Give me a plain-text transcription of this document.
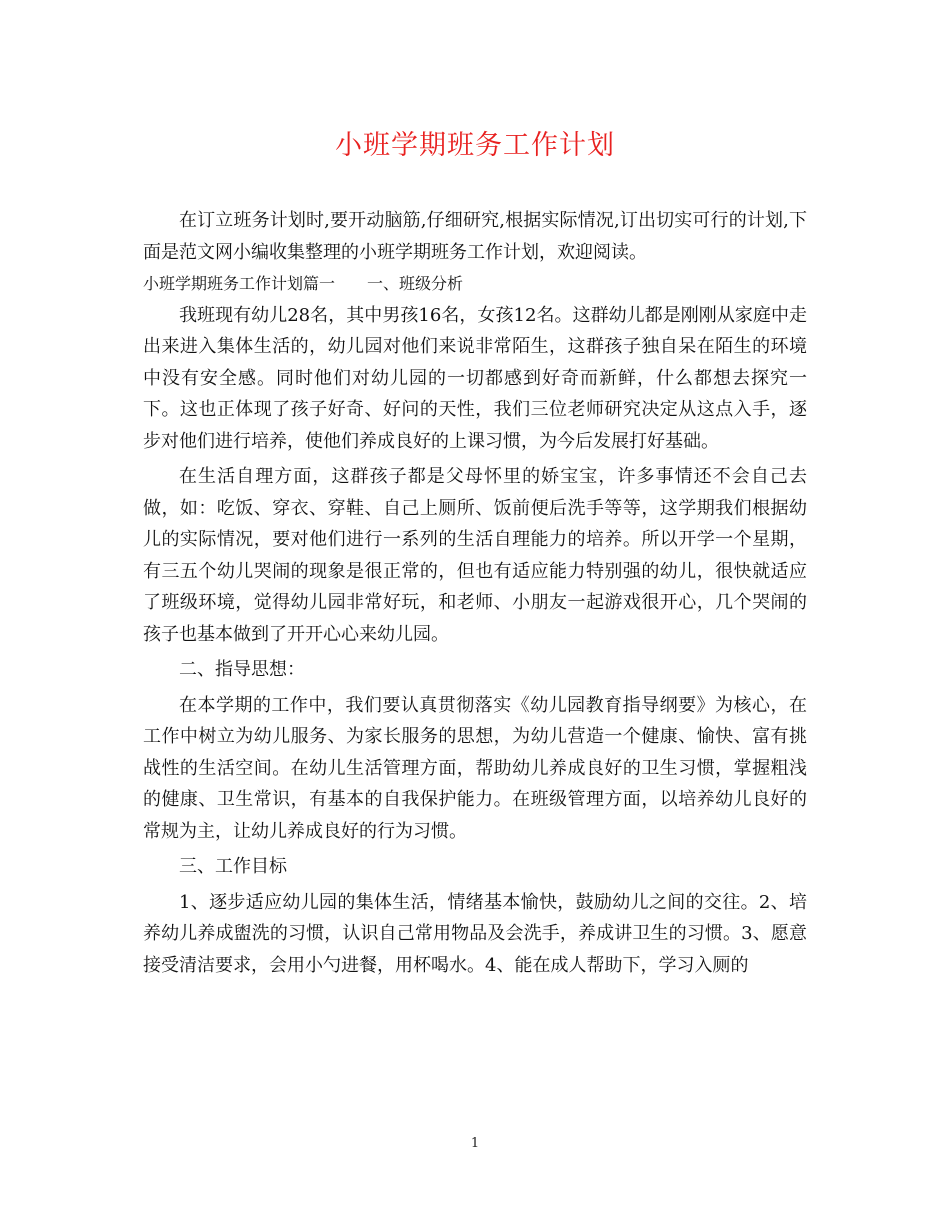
小班学期班务工作计划

在订立班务计划时,要开动脑筋,仔细研究,根据实际情况,订出切实可行的计划,下面是范文网小编收集整理的小班学期班务工作计划，欢迎阅读。

小班学期班务工作计划篇一　　一、班级分析

我班现有幼儿28名，其中男孩16名，女孩12名。这群幼儿都是刚刚从家庭中走出来进入集体生活的，幼儿园对他们来说非常陌生，这群孩子独自呆在陌生的环境中没有安全感。同时他们对幼儿园的一切都感到好奇而新鲜，什么都想去探究一下。这也正体现了孩子好奇、好问的天性，我们三位老师研究决定从这点入手，逐步对他们进行培养，使他们养成良好的上课习惯，为今后发展打好基础。

在生活自理方面，这群孩子都是父母怀里的娇宝宝，许多事情还不会自己去做，如：吃饭、穿衣、穿鞋、自己上厕所、饭前便后洗手等等，这学期我们根据幼儿的实际情况，要对他们进行一系列的生活自理能力的培养。所以开学一个星期，有三五个幼儿哭闹的现象是很正常的，但也有适应能力特别强的幼儿，很快就适应了班级环境，觉得幼儿园非常好玩，和老师、小朋友一起游戏很开心，几个哭闹的孩子也基本做到了开开心心来幼儿园。

二、指导思想：

在本学期的工作中，我们要认真贯彻落实《幼儿园教育指导纲要》为核心，在工作中树立为幼儿服务、为家长服务的思想，为幼儿营造一个健康、愉快、富有挑战性的生活空间。在幼儿生活管理方面，帮助幼儿养成良好的卫生习惯，掌握粗浅的健康、卫生常识，有基本的自我保护能力。在班级管理方面，以培养幼儿良好的常规为主，让幼儿养成良好的行为习惯。

三、工作目标

1、逐步适应幼儿园的集体生活，情绪基本愉快，鼓励幼儿之间的交往。2、培养幼儿养成盥洗的习惯，认识自己常用物品及会洗手，养成讲卫生的习惯。3、愿意接受清洁要求，会用小勺进餐，用杯喝水。4、能在成人帮助下，学习入厕的

1
